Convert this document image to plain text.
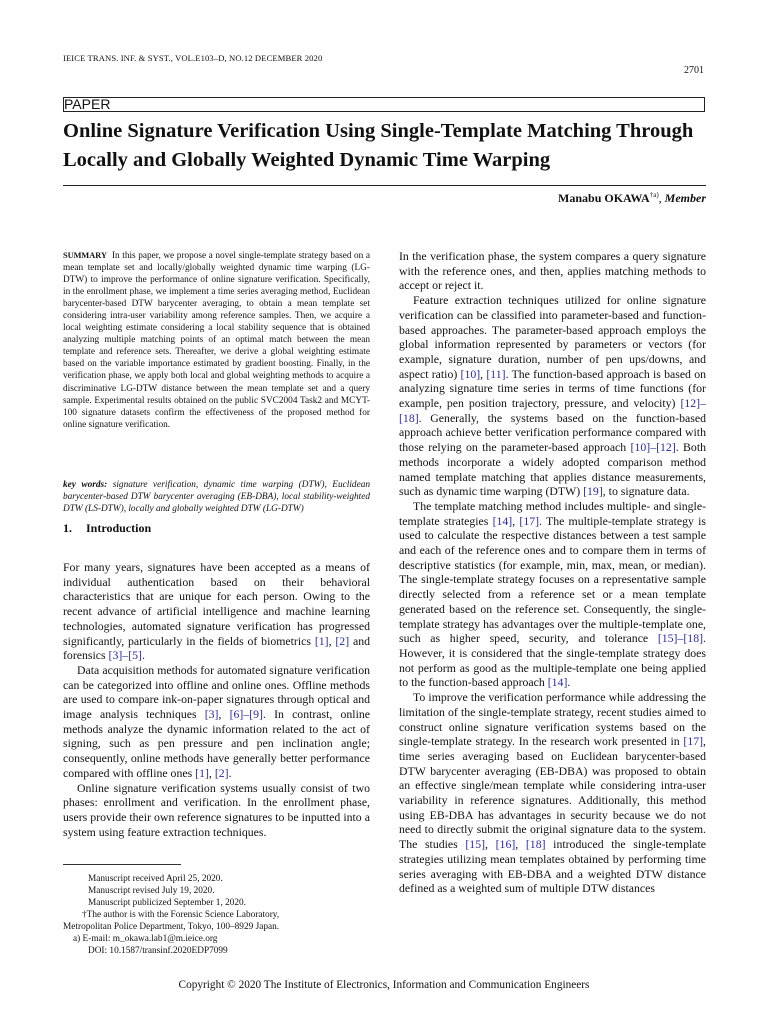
IEICE TRANS. INF. & SYST., VOL.E103–D, NO.12 DECEMBER 2020
2701
PAPER
Online Signature Verification Using Single-Template Matching Through Locally and Globally Weighted Dynamic Time Warping
Manabu OKAWA$^{\dagger a)}$, Member
SUMMARY In this paper, we propose a novel single-template strategy based on a mean template set and locally/globally weighted dynamic time warping (LG-DTW) to improve the performance of online signature verification. Specifically, in the enrollment phase, we implement a time series averaging method, Euclidean barycenter-based DTW barycenter averaging, to obtain a mean template set considering intra-user variability among reference samples. Then, we acquire a local weighting estimate considering a local stability sequence that is obtained analyzing multiple matching points of an optimal match between the mean template and reference sets. Thereafter, we derive a global weighting estimate based on the variable importance estimated by gradient boosting. Finally, in the verification phase, we apply both local and global weighting methods to acquire a discriminative LG-DTW distance between the mean template set and a query sample. Experimental results obtained on the public SVC2004 Task2 and MCYT-100 signature datasets confirm the effectiveness of the proposed method for online signature verification.
key words: signature verification, dynamic time warping (DTW), Euclidean barycenter-based DTW barycenter averaging (EB-DBA), local stability-weighted DTW (LS-DTW), locally and globally weighted DTW (LG-DTW)
1. Introduction

For many years, signatures have been accepted as a means of individual authentication based on their behavioral characteristics that are unique for each person. Owing to the recent advance of artificial intelligence and machine learning technologies, automated signature verification has progressed significantly, particularly in the fields of biometrics [1], [2] and forensics [3]–[5].

Data acquisition methods for automated signature verification can be categorized into offline and online ones. Offline methods are used to compare ink-on-paper signatures through optical and image analysis techniques [3], [6]–[9]. In contrast, online methods analyze the dynamic information related to the act of signing, such as pen pressure and pen inclination angle; consequently, online methods have generally better performance compared with offline ones [1], [2].

Online signature verification systems usually consist of two phases: enrollment and verification. In the enrollment phase, users provide their own reference signatures to be inputted into a system using feature extraction techniques.

Manuscript received April 25, 2020.
Manuscript revised July 19, 2020.
Manuscript publicized September 1, 2020.
†The author is with the Forensic Science Laboratory,
Metropolitan Police Department, Tokyo, 100–8929 Japan.
a) E-mail: m_okawa.lab1@m.ieice.org
DOI: 10.1587/transinf.2020EDP7099

In the verification phase, the system compares a query signature with the reference ones, and then, applies matching methods to accept or reject it.

Feature extraction techniques utilized for online signature verification can be classified into parameter-based and function-based approaches. The parameter-based approach employs the global information represented by parameters or vectors (for example, signature duration, number of pen ups/downs, and aspect ratio) [10], [11]. The function-based approach is based on analyzing signature time series in terms of time functions (for example, pen position trajectory, pressure, and velocity) [12]–[18]. Generally, the systems based on the function-based approach achieve better verification performance compared with those relying on the parameter-based approach [10]–[12]. Both methods incorporate a widely adopted comparison method named template matching that applies distance measurements, such as dynamic time warping (DTW) [19], to signature data.

The template matching method includes multiple- and single-template strategies [14], [17]. The multiple-template strategy is used to calculate the respective distances between a test sample and each of the reference ones and to compare them in terms of descriptive statistics (for example, min, max, mean, or median). The single-template strategy focuses on a representative sample directly selected from a reference set or a mean template generated based on the reference set. Consequently, the single-template strategy has advantages over the multiple-template one, such as higher speed, security, and tolerance [15]–[18]. However, it is considered that the single-template strategy does not perform as good as the multiple-template one being applied to the function-based approach [14].

To improve the verification performance while addressing the limitation of the single-template strategy, recent studies aimed to construct online signature verification systems based on the single-template strategy. In the research work presented in [17], time series averaging based on Euclidean barycenter-based DTW barycenter averaging (EB-DBA) was proposed to obtain an effective single/mean template while considering intra-user variability in reference signatures. Additionally, this method using EB-DBA has advantages in security because we do not need to directly submit the original signature data to the system. The studies [15], [16], [18] introduced the single-template strategies utilizing mean templates obtained by performing time series averaging with EB-DBA and a weighted DTW distance defined as a weighted sum of multiple DTW distances

Copyright © 2020 The Institute of Electronics, Information and Communication Engineers
